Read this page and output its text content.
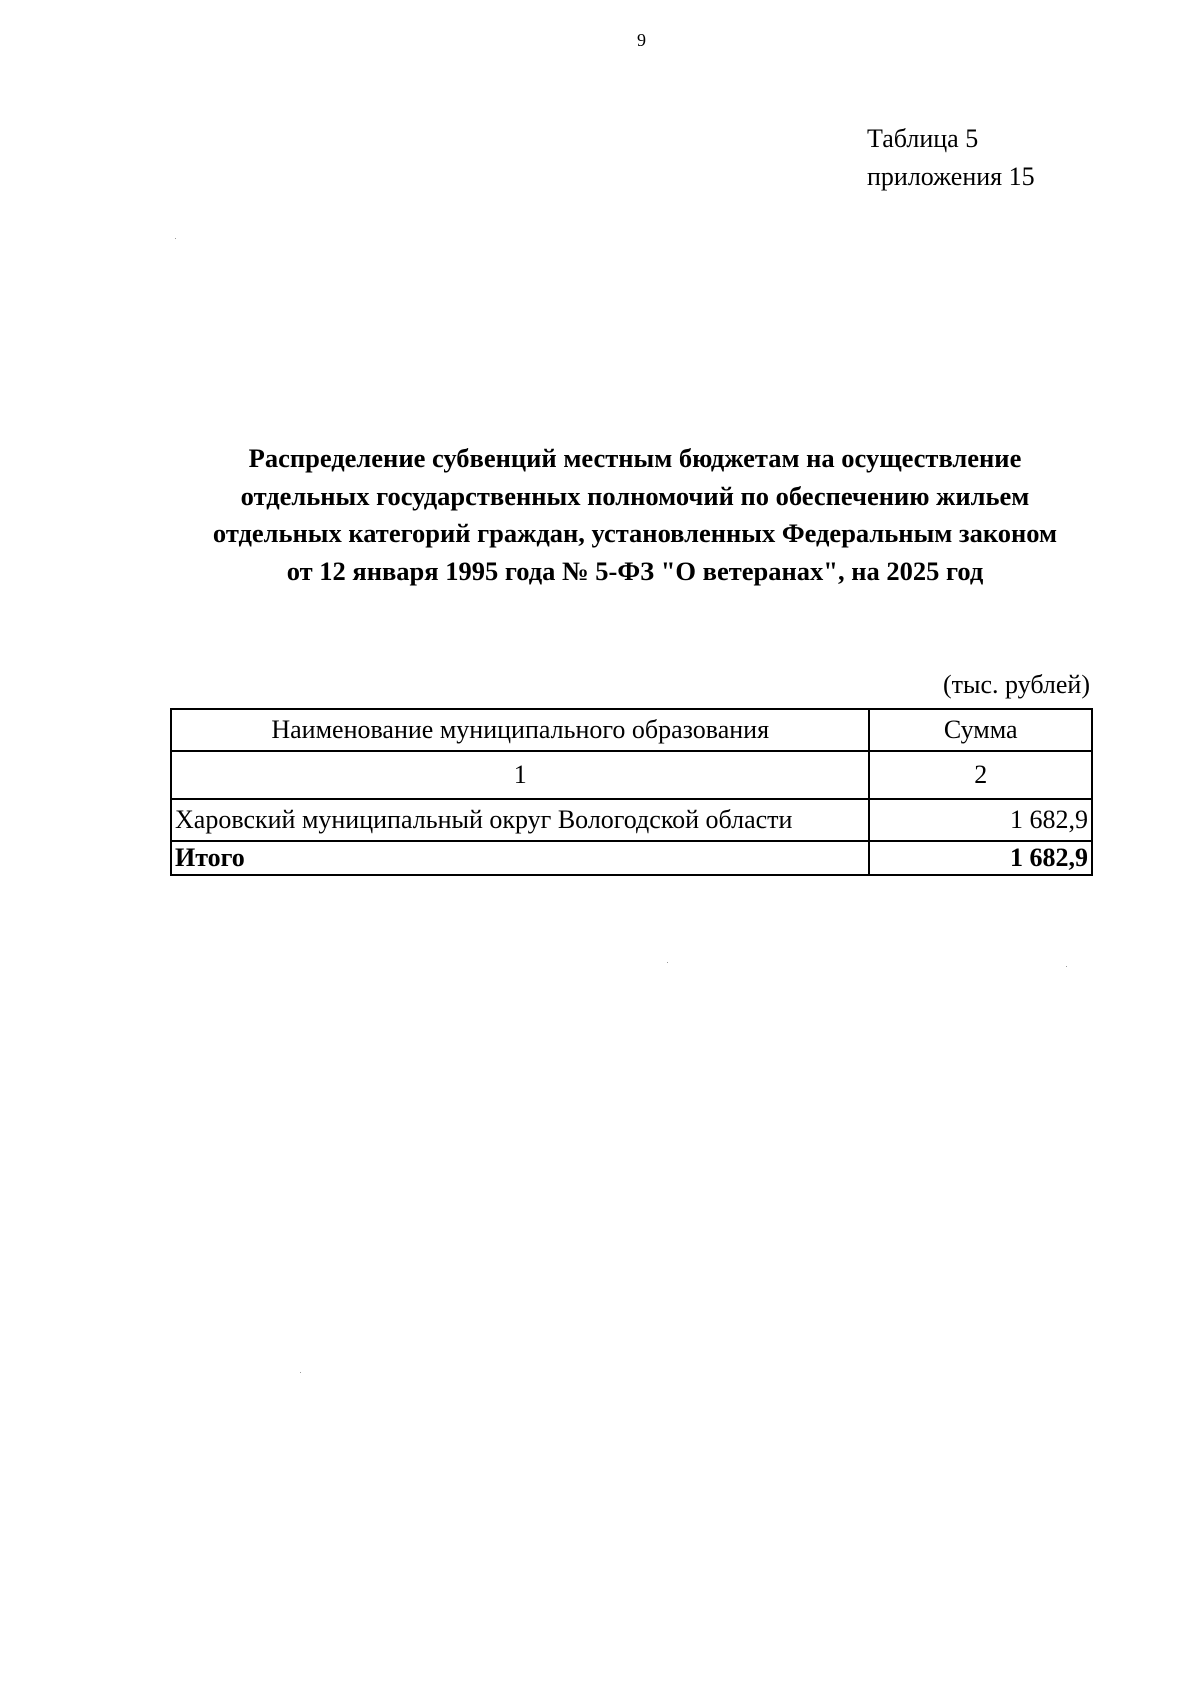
9
Таблица 5
приложения 15
Распределение субвенций местным бюджетам на осуществление
отдельных государственных полномочий по обеспечению жильем
отдельных категорий граждан, установленных Федеральным законом
от 12 января 1995 года № 5-ФЗ "О ветеранах", на 2025 год
(тыс. рублей)
Наименование муниципального образования	Сумма
1	2
Харовский муниципальный округ Вологодской области	1 682,9
Итого	1 682,9
